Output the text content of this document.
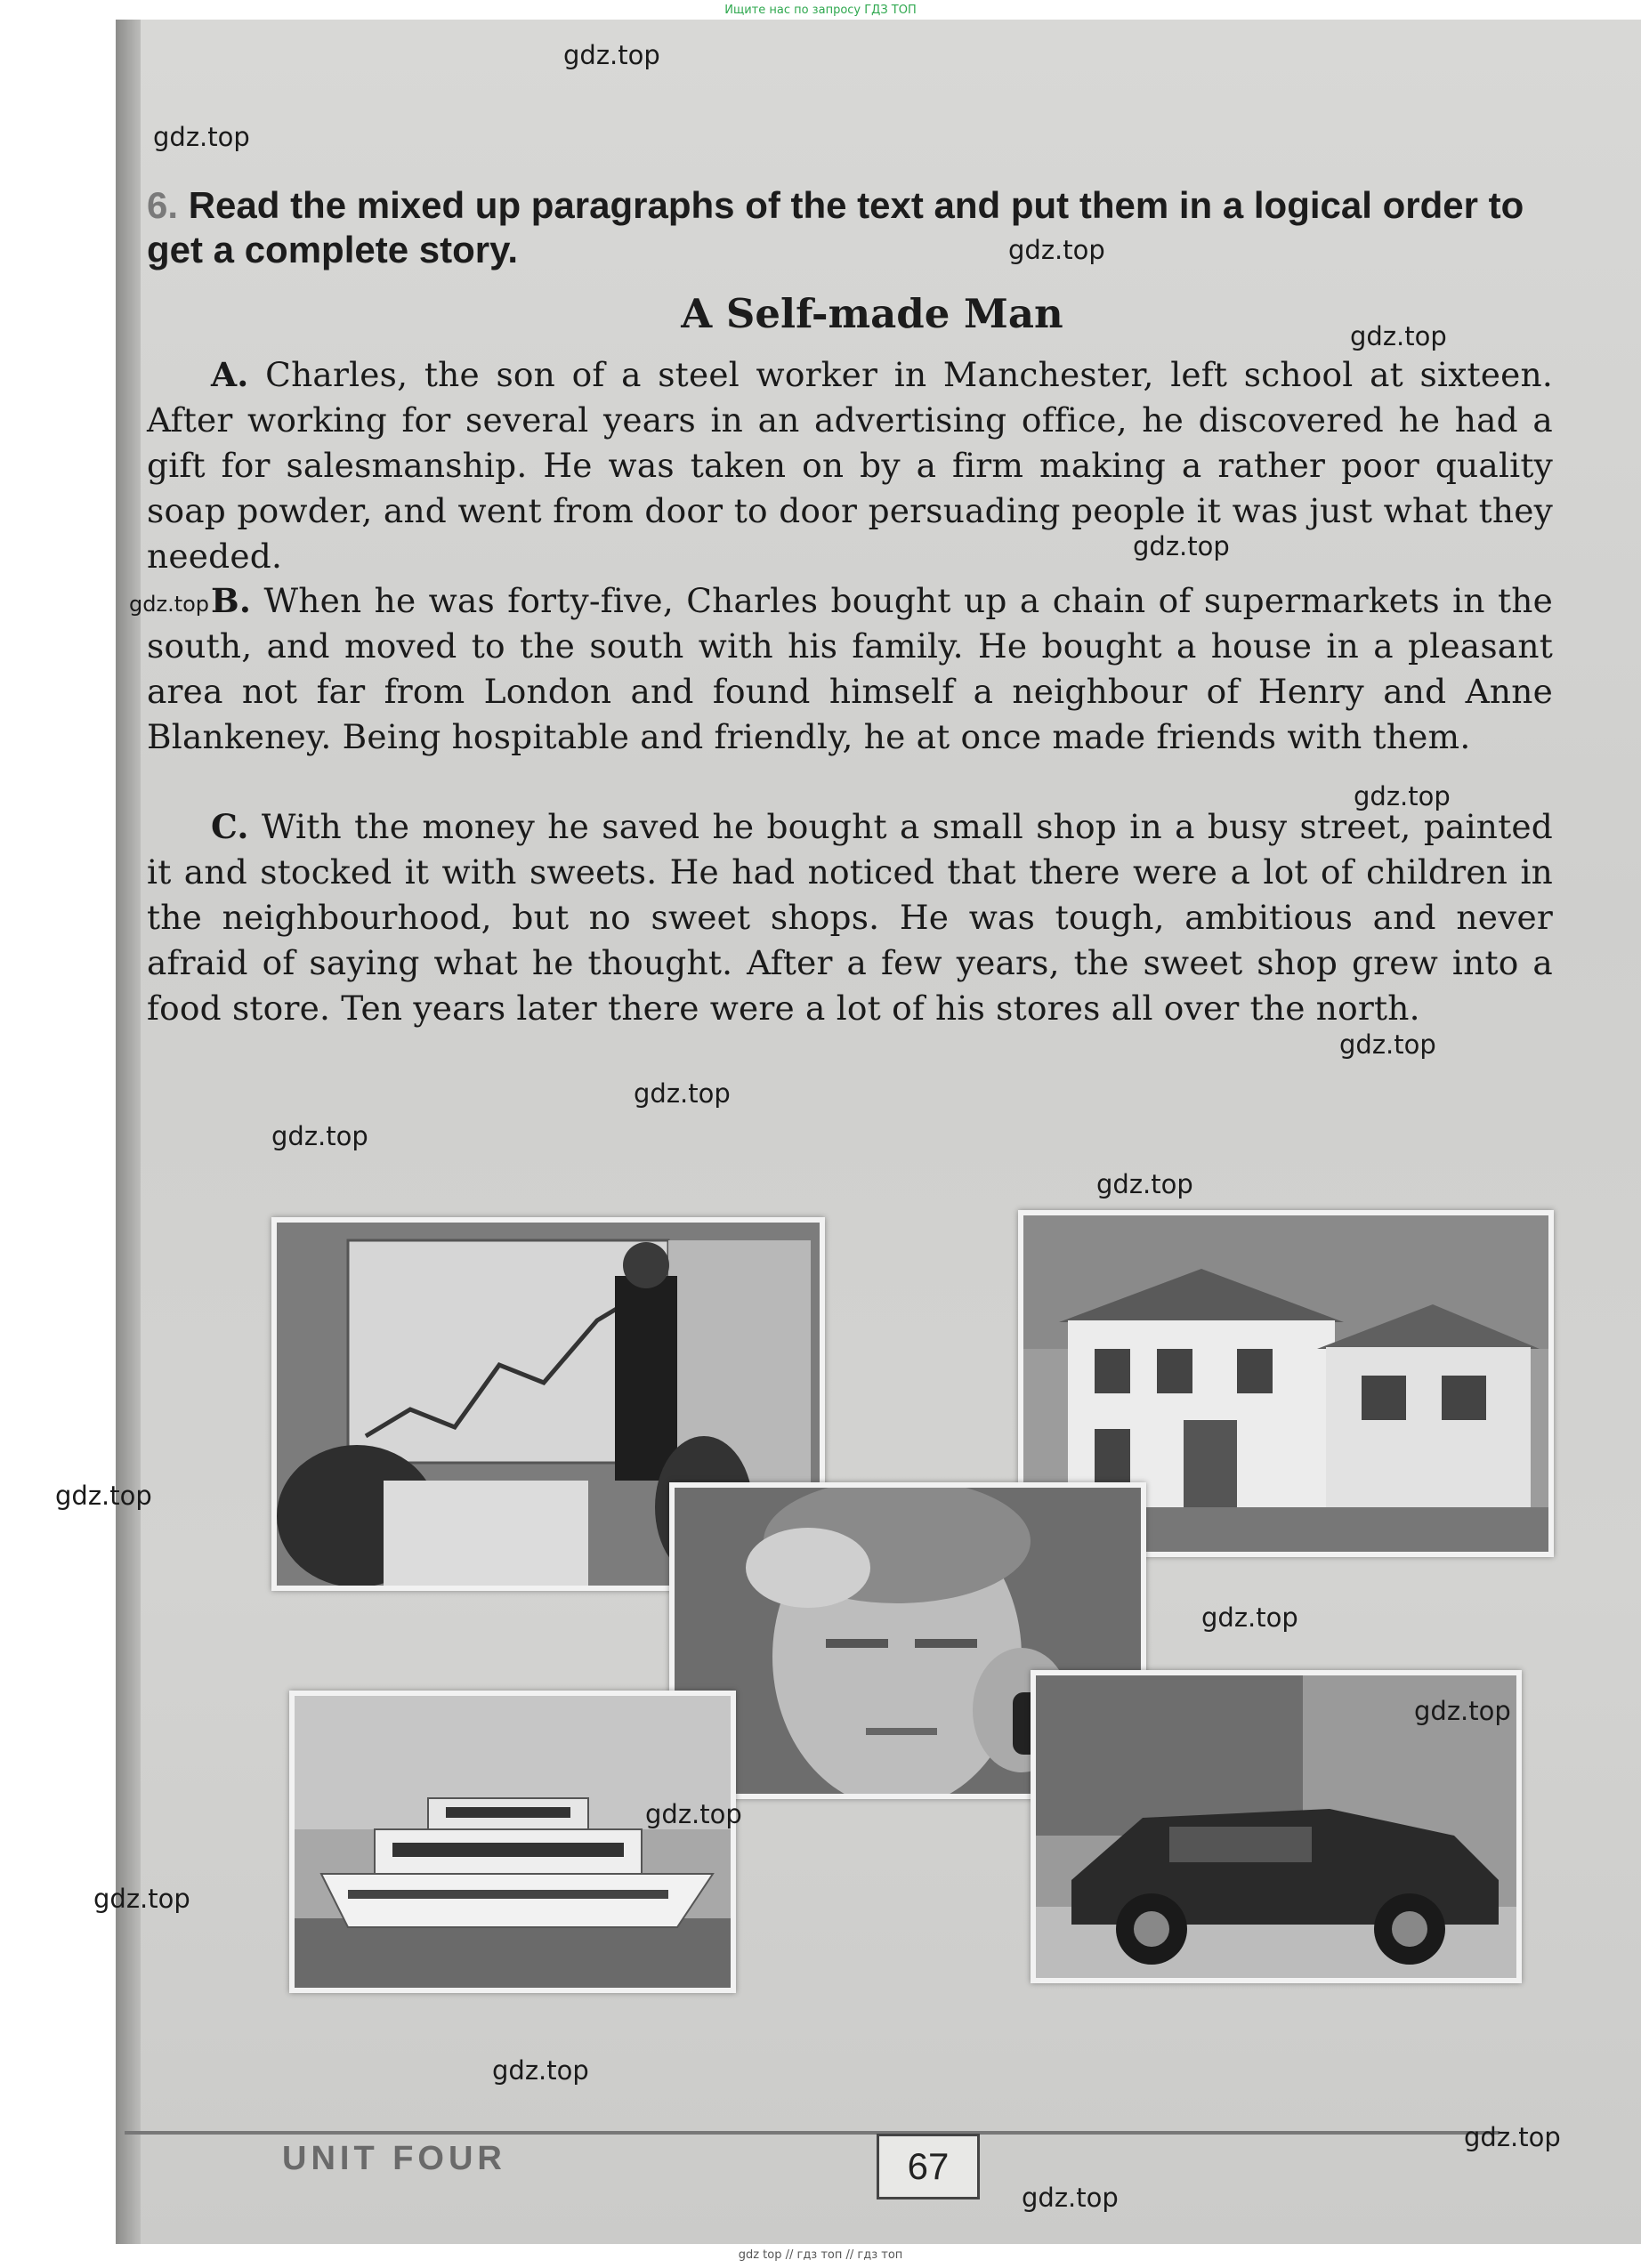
Ищите нас по запросу ГДЗ ТОП
6. Read the mixed up paragraphs of the text and put them in a logical order to get a complete story.
A Self-made Man
A. Charles, the son of a steel worker in Manchester, left school at sixteen. After working for several years in an advertising office, he discovered he had a gift for salesmanship. He was taken on by a firm making a rather poor quality soap powder, and went from door to door persuading people it was just what they needed.
B. When he was forty-five, Charles bought up a chain of supermarkets in the south, and moved to the south with his family. He bought a house in a pleasant area not far from London and found himself a neighbour of Henry and Anne Blankeney. Being hospitable and friendly, he at once made friends with them.
C. With the money he saved he bought a small shop in a busy street, painted it and stocked it with sweets. He had noticed that there were a lot of children in the neighbourhood, but no sweet shops. He was tough, ambitious and never afraid of saying what he thought. After a few years, the sweet shop grew into a food store. Ten years later there were a lot of his stores all over the north.
UNIT FOUR	67
gdz.top
gdz.top
gdz.top
gdz.top
gdz.top
gdz.top
gdz.top
gdz.top
gdz.top
gdz.top
gdz.top
gdz.top
gdz.top
gdz.top
gdz.top
gdz.top
gdz.top
gdz.top
gdz.top
gdz top // гдз топ // гдз топ
